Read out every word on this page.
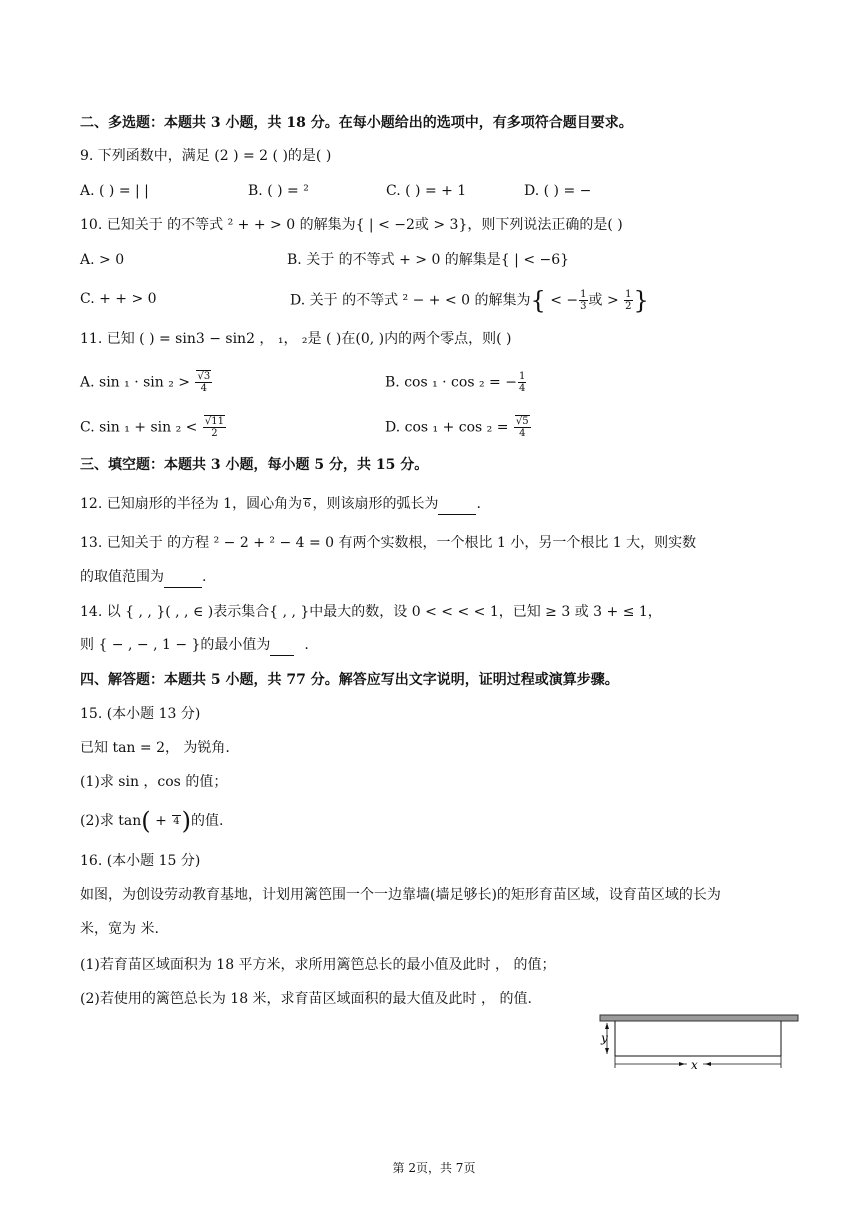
二、多选题：本题共 3 小题，共 18 分。在每小题给出的选项中，有多项符合题目要求。
9. 下列函数中，满足 (2 ) = 2 ( )的是( )
A. ( ) = | |	B. ( ) = ²	C. ( ) = + 1	D. ( ) = −
10. 已知关于 的不等式 ² + + > 0 的解集为{ | < −2或 > 3}，则下列说法正确的是( )
A. > 0	B. 关于 的不等式 + > 0 的解集是{ | < −6}
C. + + > 0	D. 关于 的不等式 ² − + < 0 的解集为{ < − $\frac{1}{3}$ 或 > $\frac{1}{2}$ }
11. 已知 ( ) = sin3 − sin2 ， ₁， ₂是 ( )在(0, )内的两个零点，则( )
A. $\sin _1 \cdot \sin _2 > \frac{√3}{4}$	B. cos ₁ · cos ₂ = − $\frac{1}{4}$
C. $\sin _1 + \sin _2 < \frac{√11}{2}$	D. $\cos _1 + \cos _2 = \frac{√5}{4}$
三、填空题：本题共 3 小题，每小题 5 分，共 15 分。
12. 已知扇形的半径为 1，圆心角为 6 ，则该扇形的弧长为	.
13. 已知关于 的方程 ² − 2 + ² − 4 = 0 有两个实数根，一个根比 1 小，另一个根比 1 大，则实数
的取值范围为	.
14. 以 { , , }( , , ∈ )表示集合{ , , }中最大的数，设 0 < < < < 1，已知 ≥ 3 或 3 + ≤ 1，
则 { − , − , 1 − }的最小值为 .
四、解答题：本题共 5 小题，共 77 分。解答应写出文字说明，证明过程或演算步骤。
15. (本小题 13 分)
已知 tan = 2， 为锐角.
(1)求 sin ，cos 的值；
(2)求 tan( + 4 )的值.
16. (本小题 15 分)
如图，为创设劳动教育基地，计划用篱笆围一个一边靠墙(墙足够长)的矩形育苗区域，设育苗区域的长为
米，宽为 米.
(1)若育苗区域面积为 18 平方米，求所用篱笆总长的最小值及此时 ， 的值；
(2)若使用的篱笆总长为 18 米，求育苗区域面积的最大值及此时 ， 的值.
y
x
第 2页，共 7页
